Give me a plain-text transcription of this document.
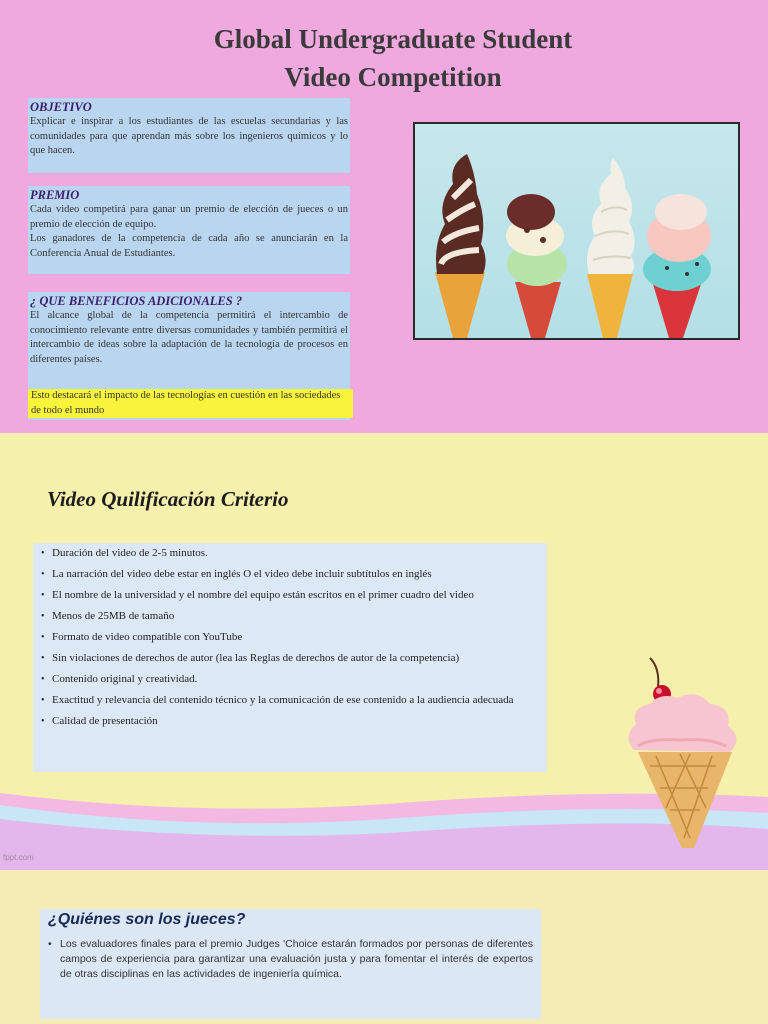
Global Undergraduate Student
Video Competition
OBJETIVO
Explicar e inspirar a los estudiantes de las escuelas secundarias y las comunidades para que aprendan más sobre los ingenieros químicos y lo que hacen.
PREMIO
Cada video competirá para ganar un premio de elección de jueces o un premio de elección de equipo.
Los ganadores de la competencia de cada año se anunciarán en la Conferencia Anual de Estudiantes.
¿ QUE BENEFICIOS ADICIONALES ?
El alcance global de la competencia permitirá el intercambio de conocimiento relevante entre diversas comunidades y también permitirá el intercambio de ideas sobre la adaptación de la tecnología de procesos en diferentes países.
Esto destacará el impacto de las tecnologías en cuestión en las sociedades de todo el mundo
Video Quilificación Criterio
• Duración del video de 2-5 minutos.
• La narración del video debe estar en inglés O el video debe incluir subtítulos en inglés
• El nombre de la universidad y el nombre del equipo están escritos en el primer cuadro del video
• Menos de 25MB de tamaño
• Formato de video compatible con YouTube
• Sin violaciones de derechos de autor (lea las Reglas de derechos de autor de la competencia)
• Contenido original y creatividad.
• Exactitud y relevancia del contenido técnico y la comunicación de ese contenido a la audiencia adecuada
• Calidad de presentación
fppt.com
¿Quiénes son los jueces?
• Los evaluadores finales para el premio Judges 'Choice estarán formados por personas de diferentes campos de experiencia para garantizar una evaluación justa y para fomentar el interés de expertos de otras disciplinas en las actividades de ingeniería química.
